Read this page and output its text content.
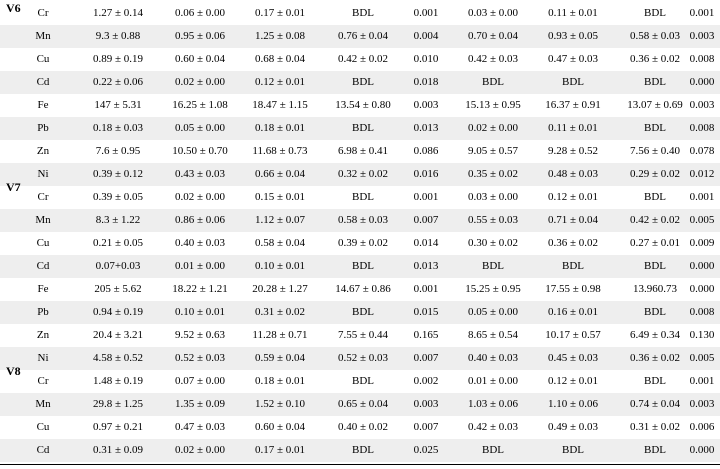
Cr	1.27 ± 0.14	0.06 ± 0.00	0.17 ± 0.01	BDL	0.001	0.03 ± 0.00	0.11 ± 0.01	BDL	0.001
Mn	9.3 ± 0.88	0.95 ± 0.06	1.25 ± 0.08	0.76 ± 0.04	0.004	0.70 ± 0.04	0.93 ± 0.05	0.58 ± 0.03 0.003
Cu	0.89 ± 0.19	0.60 ± 0.04	0.68 ± 0.04	0.42 ± 0.02	0.010	0.42 ± 0.03	0.47 ± 0.03	0.36 ± 0.02 0.008
Cd	0.22 ± 0.06	0.02 ± 0.00	0.12 ± 0.01	BDL	0.018	BDL	BDL	BDL	0.000
Fe	147 ± 5.31	16.25 ± 1.08	18.47 ± 1.15	13.54 ± 0.80	0.003	15.13 ± 0.95	16.37 ± 0.91	13.07 ± 0.69 0.003
Pb	0.18 ± 0.03	0.05 ± 0.00	0.18 ± 0.01	BDL	0.013	0.02 ± 0.00	0.11 ± 0.01	BDL	0.008
Zn	7.6 ± 0.95	10.50 ± 0.70	11.68 ± 0.73	6.98 ± 0.41	0.086	9.05 ± 0.57	9.28 ± 0.52	7.56 ± 0.40 0.078
Ni	0.39 ± 0.12	0.43 ± 0.03	0.66 ± 0.04	0.32 ± 0.02	0.016	0.35 ± 0.02	0.48 ± 0.03	0.29 ± 0.02 0.012
Cr	0.39 ± 0.05	0.02 ± 0.00	0.15 ± 0.01	BDL	0.001	0.03 ± 0.00	0.12 ± 0.01	BDL	0.001
Mn	8.3 ± 1.22	0.86 ± 0.06	1.12 ± 0.07	0.58 ± 0.03	0.007	0.55 ± 0.03	0.71 ± 0.04	0.42 ± 0.02 0.005
Cu	0.21 ± 0.05	0.40 ± 0.03	0.58 ± 0.04	0.39 ± 0.02	0.014	0.30 ± 0.02	0.36 ± 0.02	0.27 ± 0.01 0.009
Cd	0.07+0.03	0.01 ± 0.00	0.10 ± 0.01	BDL	0.013	BDL	BDL	BDL	0.000
Fe	205 ± 5.62	18.22 ± 1.21	20.28 ± 1.27	14.67 ± 0.86	0.001	15.25 ± 0.95	17.55 ± 0.98	13.960.73	0.000
Pb	0.94 ± 0.19	0.10 ± 0.01	0.31 ± 0.02	BDL	0.015	0.05 ± 0.00	0.16 ± 0.01	BDL	0.008
Zn	20.4 ± 3.21	9.52 ± 0.63	11.28 ± 0.71	7.55 ± 0.44	0.165	8.65 ± 0.54	10.17 ± 0.57	6.49 ± 0.34 0.130
Ni	4.58 ± 0.52	0.52 ± 0.03	0.59 ± 0.04	0.52 ± 0.03	0.007	0.40 ± 0.03	0.45 ± 0.03	0.36 ± 0.02 0.005
Cr	1.48 ± 0.19	0.07 ± 0.00	0.18 ± 0.01	BDL	0.002	0.01 ± 0.00	0.12 ± 0.01	BDL	0.001
Mn	29.8 ± 1.25	1.35 ± 0.09	1.52 ± 0.10	0.65 ± 0.04	0.003	1.03 ± 0.06	1.10 ± 0.06	0.74 ± 0.04 0.003
Cu	0.97 ± 0.21	0.47 ± 0.03	0.60 ± 0.04	0.40 ± 0.02	0.007	0.42 ± 0.03	0.49 ± 0.03	0.31 ± 0.02 0.006
Cd	0.31 ± 0.09	0.02 ± 0.00	0.17 ± 0.01	BDL	0.025	BDL	BDL	BDL	0.000
V6
V7
V8
